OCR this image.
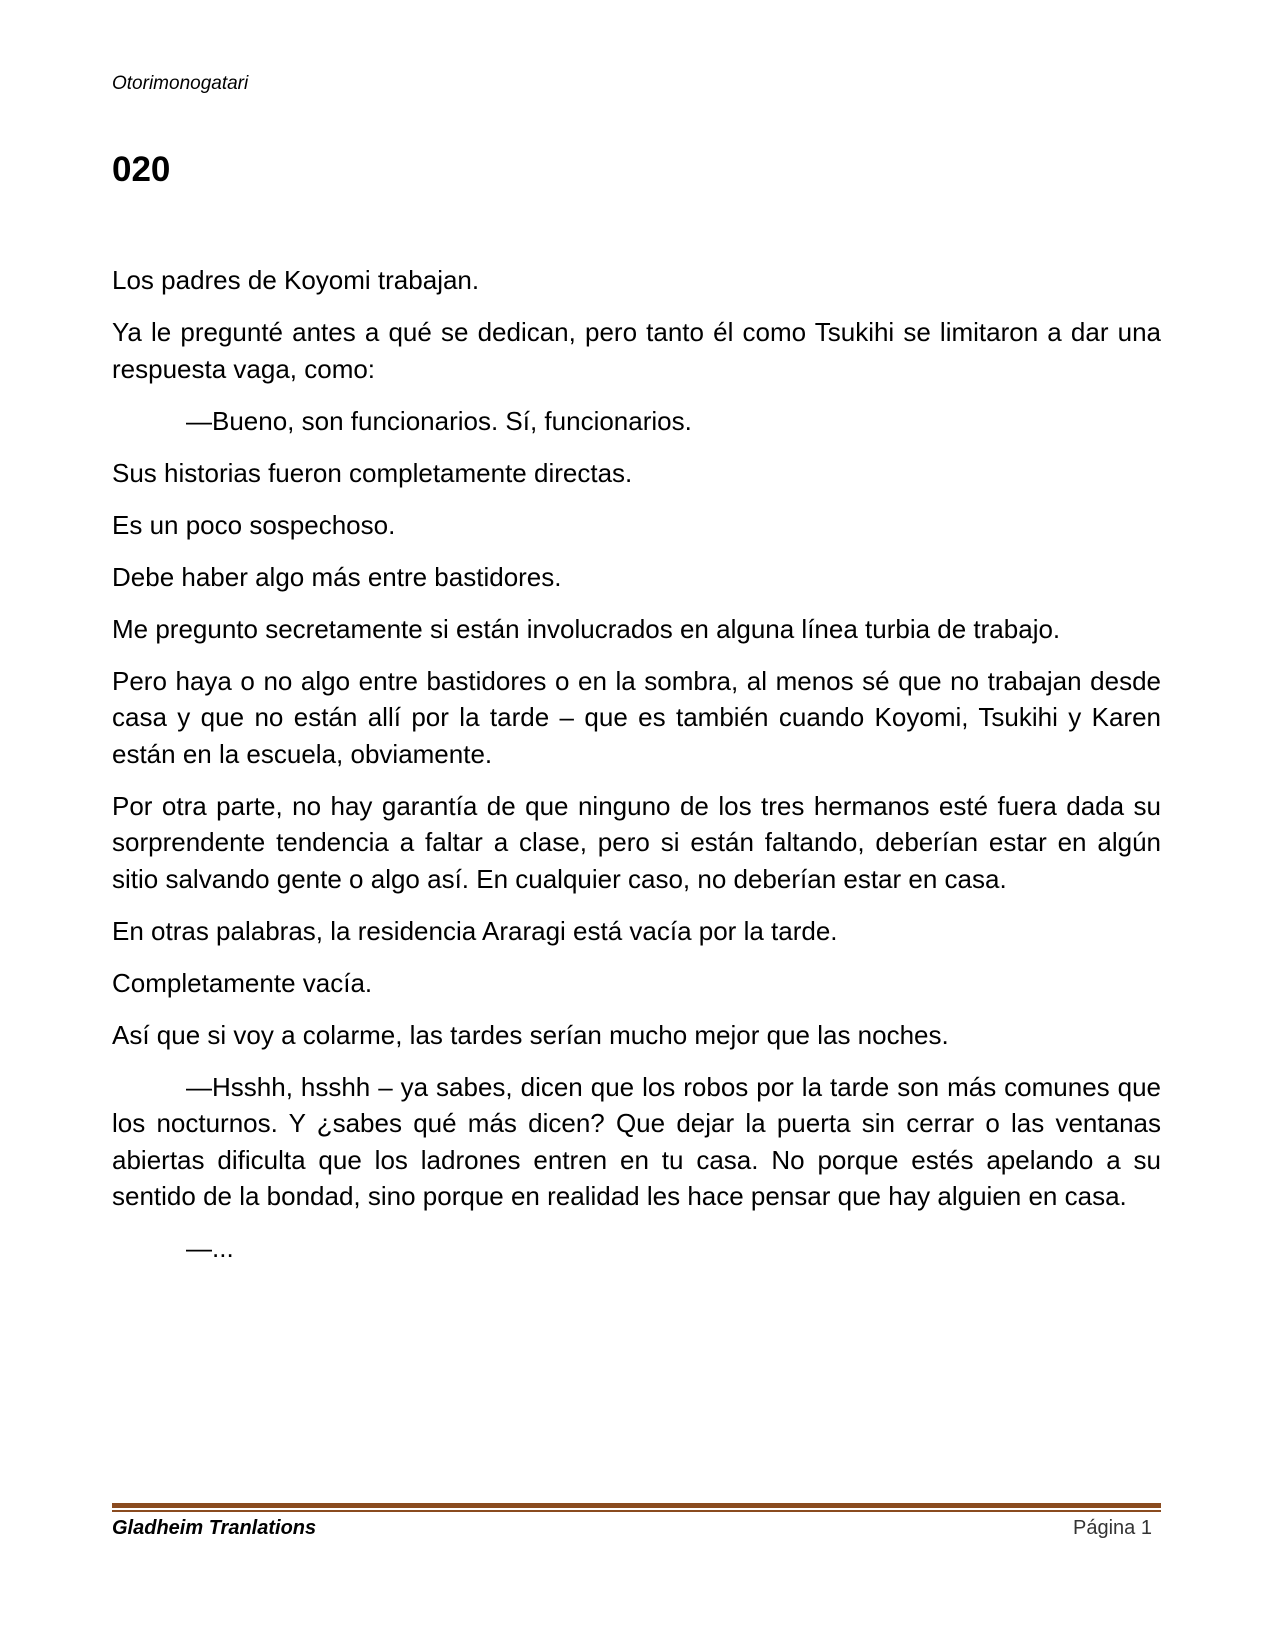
Otorimonogatari
020

Los padres de Koyomi trabajan.

Ya le pregunté antes a qué se dedican, pero tanto él como Tsukihi se limitaron a dar una respuesta vaga, como:

—Bueno, son funcionarios. Sí, funcionarios.

Sus historias fueron completamente directas.

Es un poco sospechoso.

Debe haber algo más entre bastidores.

Me pregunto secretamente si están involucrados en alguna línea turbia de trabajo.

Pero haya o no algo entre bastidores o en la sombra, al menos sé que no trabajan desde casa y que no están allí por la tarde – que es también cuando Koyomi, Tsukihi y Karen están en la escuela, obviamente.

Por otra parte, no hay garantía de que ninguno de los tres hermanos esté fuera dada su sorprendente tendencia a faltar a clase, pero si están faltando, deberían estar en algún sitio salvando gente o algo así. En cualquier caso, no deberían estar en casa.

En otras palabras, la residencia Araragi está vacía por la tarde.

Completamente vacía.

Así que si voy a colarme, las tardes serían mucho mejor que las noches.

—Hsshh, hsshh – ya sabes, dicen que los robos por la tarde son más comunes que los nocturnos. Y ¿sabes qué más dicen? Que dejar la puerta sin cerrar o las ventanas abiertas dificulta que los ladrones entren en tu casa. No porque estés apelando a su sentido de la bondad, sino porque en realidad les hace pensar que hay alguien en casa.

—...

Gladheim Tranlations	Página 1
